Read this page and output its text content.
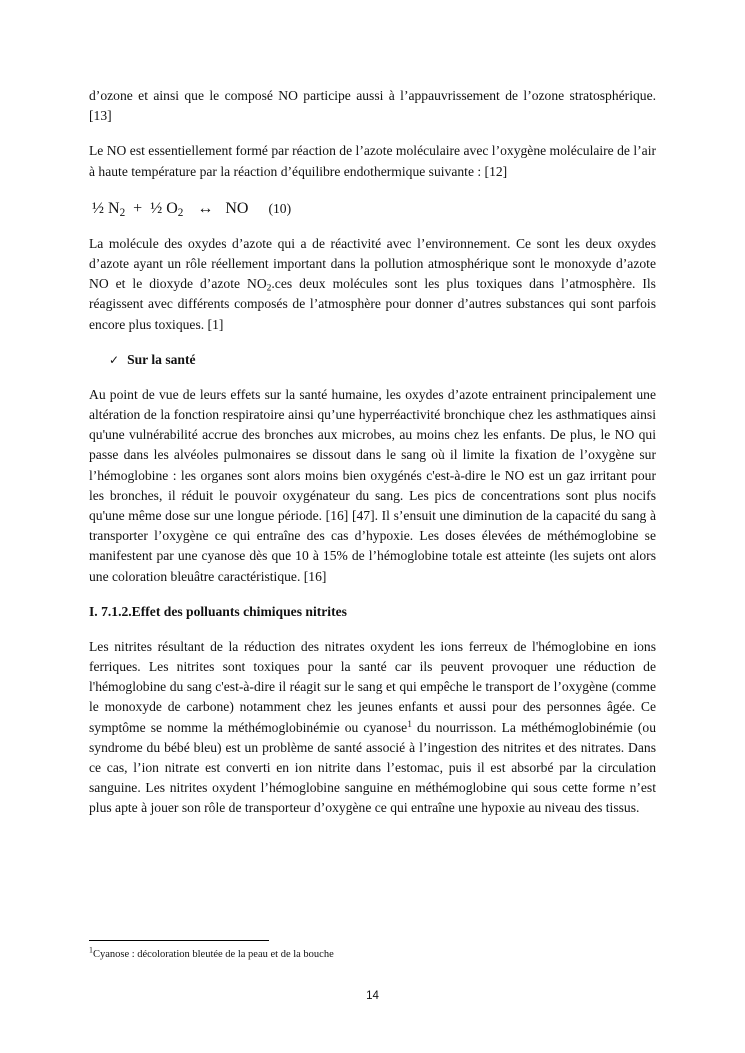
d’ozone et ainsi que le composé NO participe aussi à l’appauvrissement de l’ozone stratosphérique. [13]

Le NO est essentiellement formé par réaction de l’azote moléculaire avec l’oxygène moléculaire de l’air à haute température par la réaction d’équilibre endothermique suivante : [12]

½ $N_2$ + ½ $O_2$ ↔ NO (10)

La molécule des oxydes d’azote qui a de réactivité avec l’environnement. Ce sont les deux oxydes d’azote ayant un rôle réellement important dans la pollution atmosphérique sont le monoxyde d’azote NO et le dioxyde d’azote $NO_2.ces$ deux molécules sont les plus toxiques dans l’atmosphère. Ils réagissent avec différents composés de l’atmosphère pour donner d’autres substances qui sont parfois encore plus toxiques. [1]

✓ Sur la santé

Au point de vue de leurs effets sur la santé humaine, les oxydes d’azote entrainent principalement une altération de la fonction respiratoire ainsi qu’une hyperréactivité bronchique chez les asthmatiques ainsi qu'une vulnérabilité accrue des bronches aux microbes, au moins chez les enfants. De plus, le NO qui passe dans les alvéoles pulmonaires se dissout dans le sang où il limite la fixation de l’oxygène sur l’hémoglobine : les organes sont alors moins bien oxygénés c'est-à-dire le NO est un gaz irritant pour les bronches, il réduit le pouvoir oxygénateur du sang. Les pics de concentrations sont plus nocifs qu'une même dose sur une longue période. [16] [47]. Il s’ensuit une diminution de la capacité du sang à transporter l’oxygène ce qui entraîne des cas d’hypoxie. Les doses élevées de méthémoglobine se manifestent par une cyanose dès que 10 à 15% de l’hémoglobine totale est atteinte (les sujets ont alors une coloration bleuâtre caractéristique. [16]

I. 7.1.2.Effet des polluants chimiques nitrites

Les nitrites résultant de la réduction des nitrates oxydent les ions ferreux de l'hémoglobine en ions ferriques. Les nitrites sont toxiques pour la santé car ils peuvent provoquer une réduction de l'hémoglobine du sang c'est-à-dire il réagit sur le sang et qui empêche le transport de l’oxygène (comme le monoxyde de carbone) notamment chez les jeunes enfants et aussi pour des personnes âgée. Ce symptôme se nomme la méthémoglobinémie ou cyanose$^1$ du nourrisson. La méthémoglobinémie (ou syndrome du bébé bleu) est un problème de santé associé à l’ingestion des nitrites et des nitrates. Dans ce cas, l’ion nitrate est converti en ion nitrite dans l’estomac, puis il est absorbé par la circulation sanguine. Les nitrites oxydent l’hémoglobine sanguine en méthémoglobine qui sous cette forme n’est plus apte à jouer son rôle de transporteur d’oxygène ce qui entraîne une hypoxie au niveau des tissus.

$^1$Cyanose : décoloration bleutée de la peau et de la bouche
14
